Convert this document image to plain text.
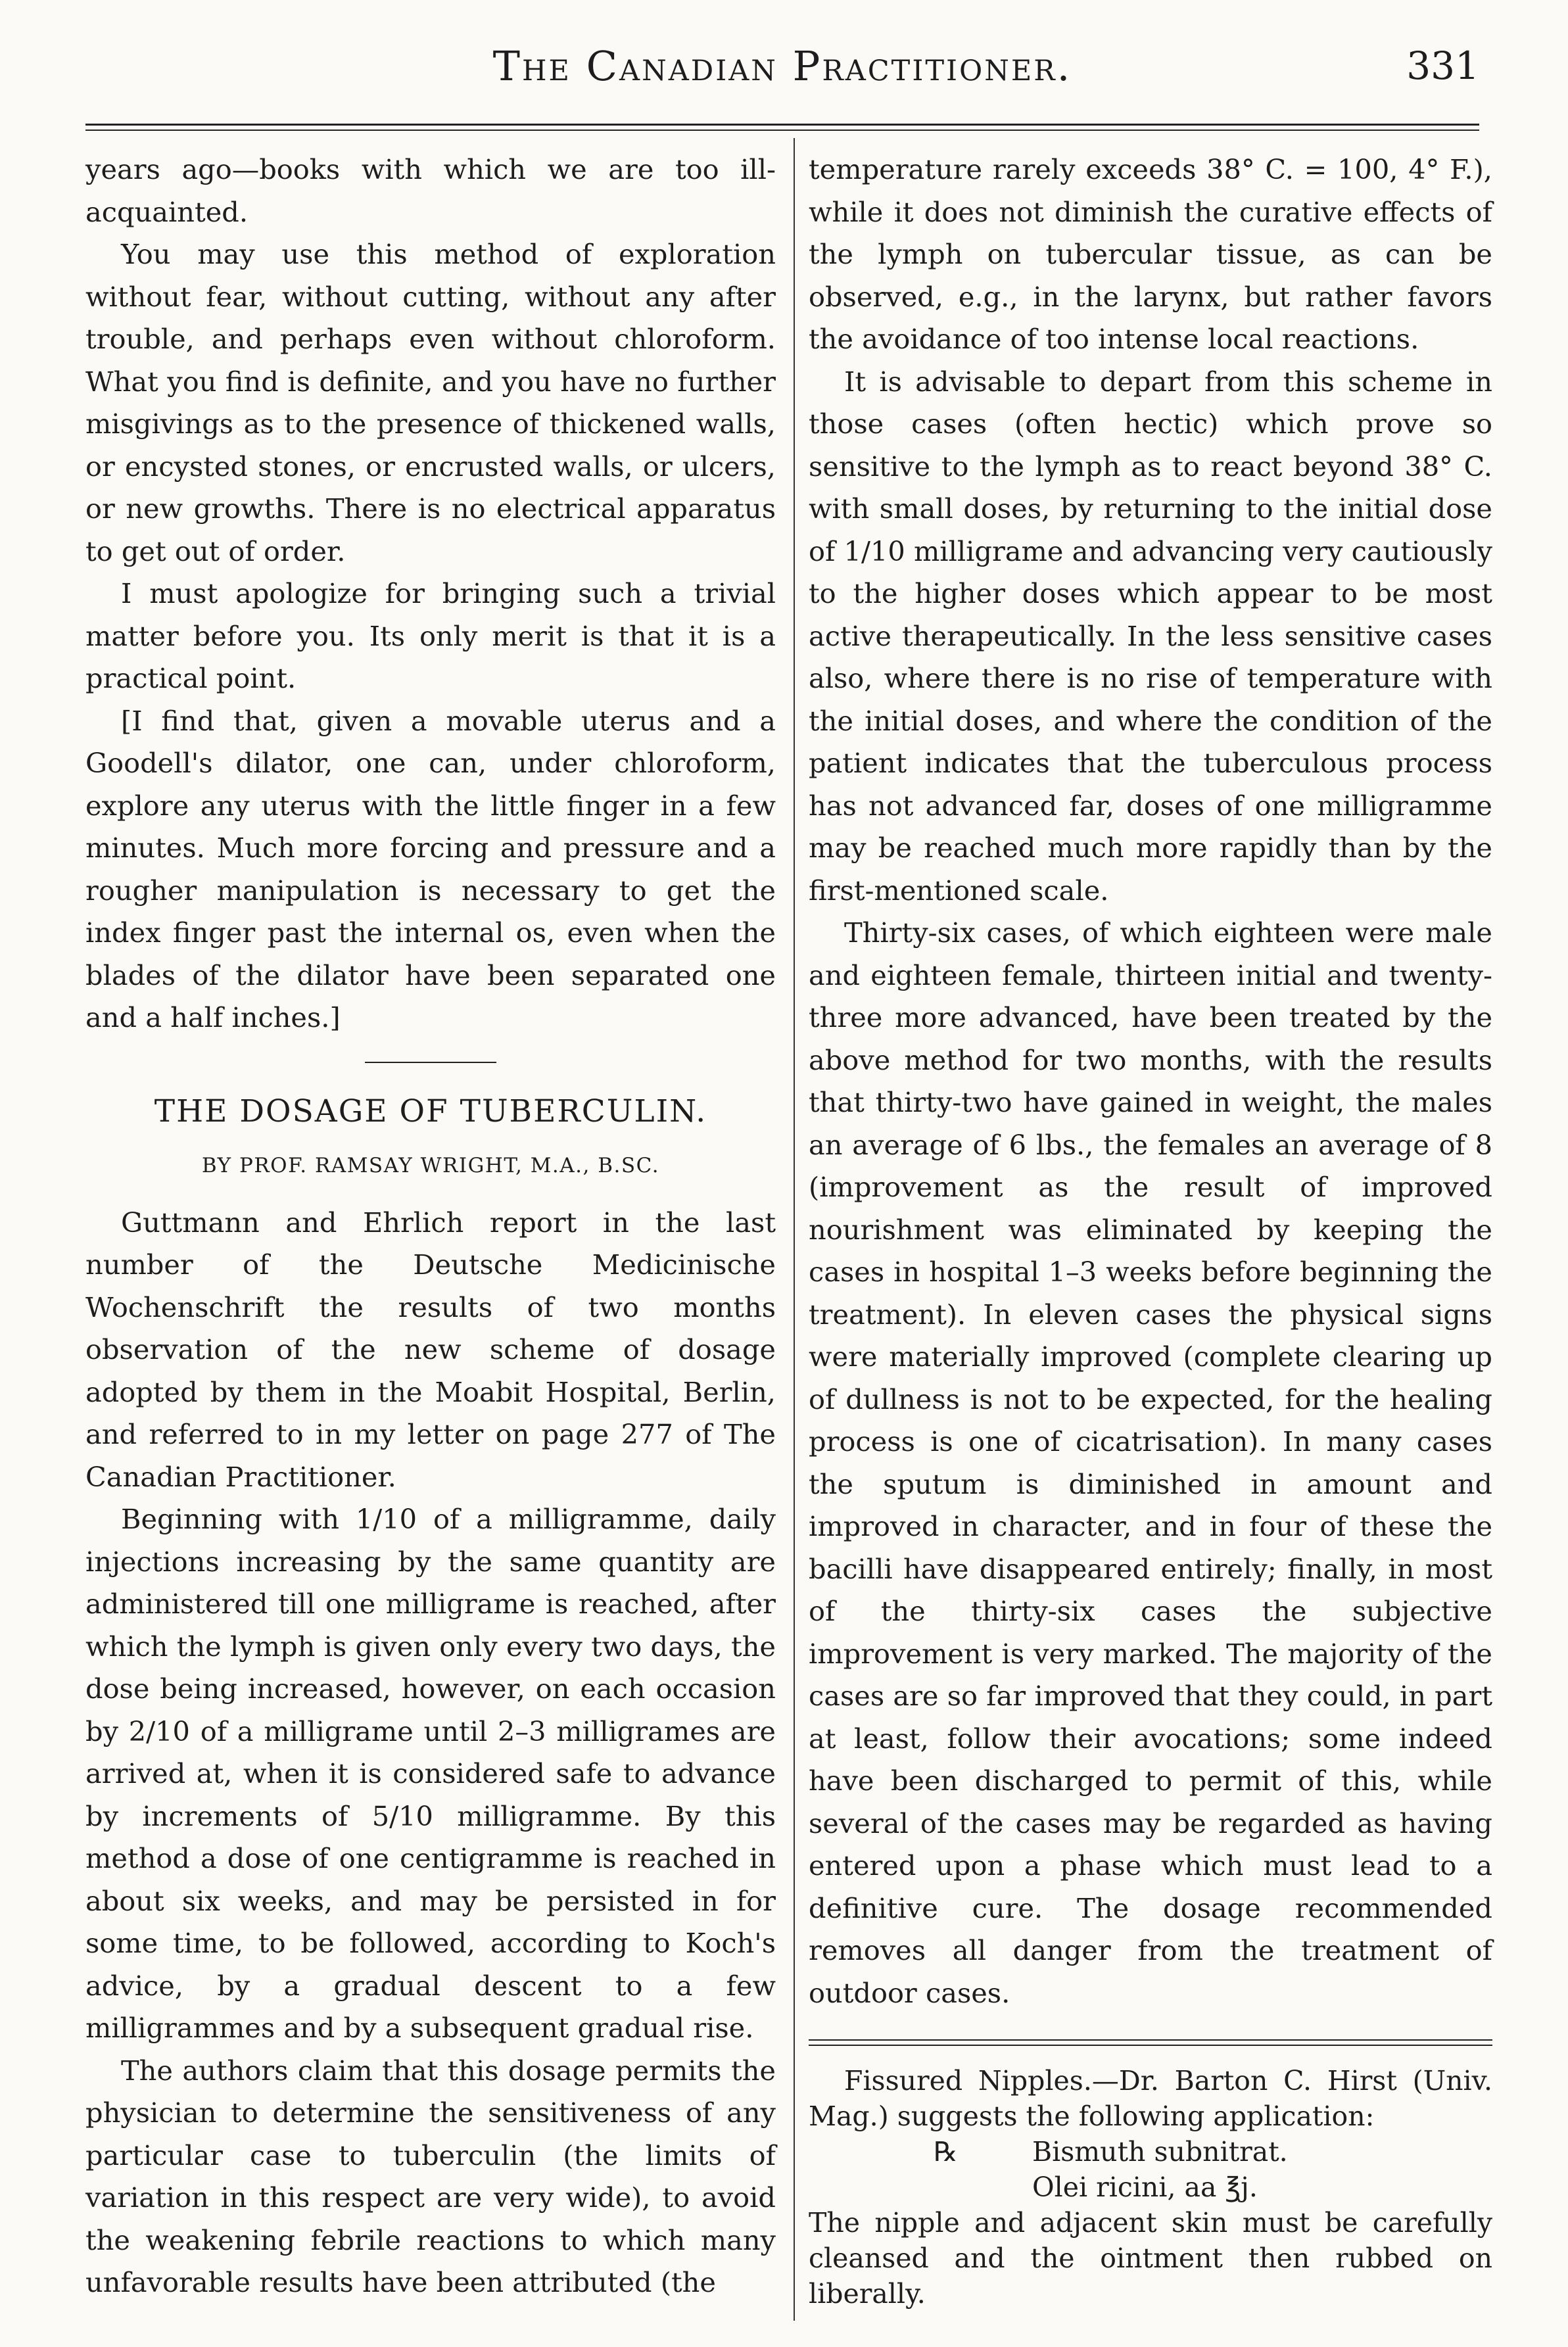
The Canadian Practitioner.	331

years ago—books with which we are too ill-acquainted.

You may use this method of exploration without fear, without cutting, without any after trouble, and perhaps even without chloroform. What you find is definite, and you have no further misgivings as to the presence of thickened walls, or encysted stones, or encrusted walls, or ulcers, or new growths. There is no electrical apparatus to get out of order.

I must apologize for bringing such a trivial matter before you. Its only merit is that it is a practical point.

[I find that, given a movable uterus and a Goodell's dilator, one can, under chloroform, explore any uterus with the little finger in a few minutes. Much more forcing and pressure and a rougher manipulation is necessary to get the index finger past the internal os, even when the blades of the dilator have been separated one and a half inches.]

THE DOSAGE OF TUBERCULIN.
BY PROF. RAMSAY WRIGHT, M.A., B.SC.

Guttmann and Ehrlich report in the last number of the Deutsche Medicinische Wochenschrift the results of two months observation of the new scheme of dosage adopted by them in the Moabit Hospital, Berlin, and referred to in my letter on page 277 of The Canadian Practitioner.

Beginning with 1/10 of a milligramme, daily injections increasing by the same quantity are administered till one milligrame is reached, after which the lymph is given only every two days, the dose being increased, however, on each occasion by 2/10 of a milligrame until 2–3 milligrames are arrived at, when it is considered safe to advance by increments of 5/10 milligramme. By this method a dose of one centigramme is reached in about six weeks, and may be persisted in for some time, to be followed, according to Koch's advice, by a gradual descent to a few milligrammes and by a subsequent gradual rise.

The authors claim that this dosage permits the physician to determine the sensitiveness of any particular case to tuberculin (the limits of variation in this respect are very wide), to avoid the weakening febrile reactions to which many unfavorable results have been attributed (the

temperature rarely exceeds 38° C. = 100, 4° F.), while it does not diminish the curative effects of the lymph on tubercular tissue, as can be observed, e.g., in the larynx, but rather favors the avoidance of too intense local reactions.

It is advisable to depart from this scheme in those cases (often hectic) which prove so sensitive to the lymph as to react beyond 38° C. with small doses, by returning to the initial dose of 1/10 milligrame and advancing very cautiously to the higher doses which appear to be most active therapeutically. In the less sensitive cases also, where there is no rise of temperature with the initial doses, and where the condition of the patient indicates that the tuberculous process has not advanced far, doses of one milligramme may be reached much more rapidly than by the first-mentioned scale.

Thirty-six cases, of which eighteen were male and eighteen female, thirteen initial and twenty-three more advanced, have been treated by the above method for two months, with the results that thirty-two have gained in weight, the males an average of 6 lbs., the females an average of 8 (improvement as the result of improved nourishment was eliminated by keeping the cases in hospital 1–3 weeks before beginning the treatment). In eleven cases the physical signs were materially improved (complete clearing up of dullness is not to be expected, for the healing process is one of cicatrisation). In many cases the sputum is diminished in amount and improved in character, and in four of these the bacilli have disappeared entirely; finally, in most of the thirty-six cases the subjective improvement is very marked. The majority of the cases are so far improved that they could, in part at least, follow their avocations; some indeed have been discharged to permit of this, while several of the cases may be regarded as having entered upon a phase which must lead to a definitive cure. The dosage recommended removes all danger from the treatment of outdoor cases.

Fissured Nipples.—Dr. Barton C. Hirst (Univ. Mag.) suggests the following application:

℞	Bismuth subnitrat.
Olei ricini, aa ℥j.

The nipple and adjacent skin must be carefully cleansed and the ointment then rubbed on liberally.
